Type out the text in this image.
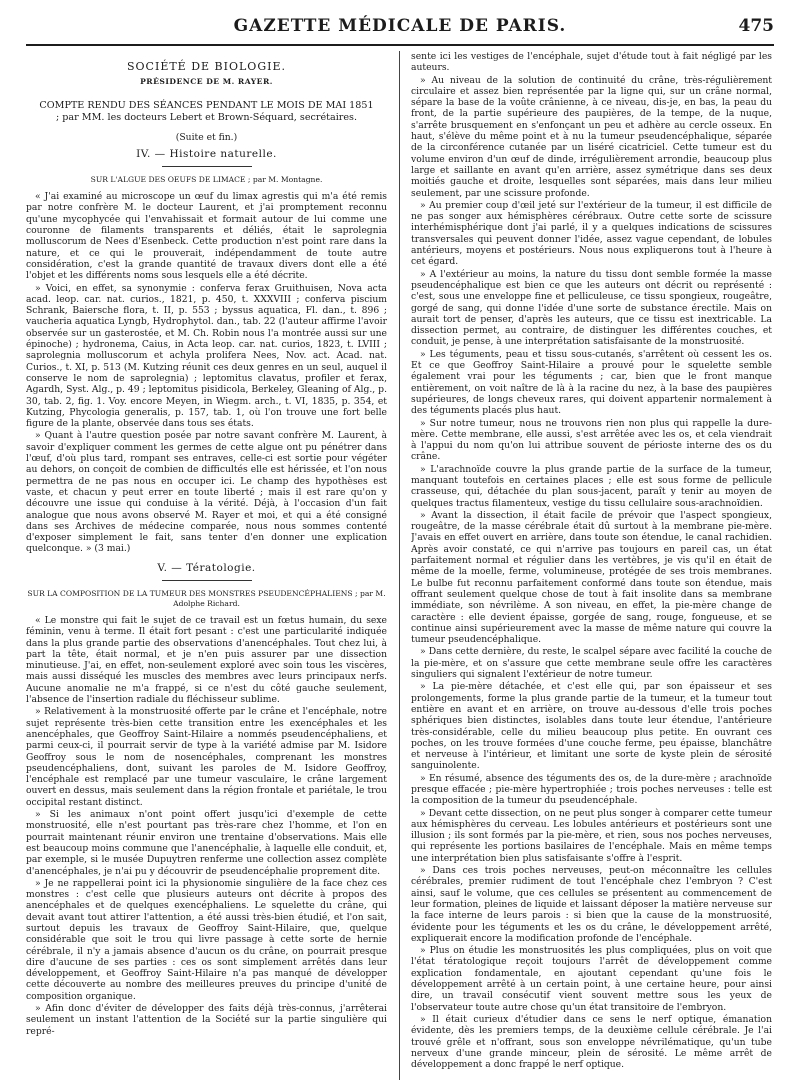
GAZETTE MÉDICALE DE PARIS.	475
SOCIÉTÉ DE BIOLOGIE.
PRÉSIDENCE DE M. RAYER.
COMPTE RENDU DES SÉANCES PENDANT LE MOIS DE MAI 1851 ; par MM. les docteurs Lebert et Brown-Séquard, secrétaires.
(Suite et fin.)
IV. — Histoire naturelle.
SUR L'ALGUE DES OEUFS DE LIMACE ; par M. Montagne.

« J'ai examiné au microscope un œuf du limax agrestis qui m'a été remis par notre confrère M. le docteur Laurent, et j'ai promptement reconnu qu'une mycophycée qui l'envahissait et formait autour de lui comme une couronne de filaments transparents et déliés, était le saprolegnia molluscorum de Nees d'Esenbeck. Cette production n'est point rare dans la nature, et ce qui le prouverait, indépendamment de toute autre considération, c'est la grande quantité de travaux divers dont elle a été l'objet et les différents noms sous lesquels elle a été décrite.

» Voici, en effet, sa synonymie : conferva ferax Gruithuisen, Nova acta acad. leop. car. nat. curios., 1821, p. 450, t. XXXVIII ; conferva piscium Schrank, Baiersche flora, t. II, p. 553 ; byssus aquatica, Fl. dan., t. 896 ; vaucheria aquatica Lyngb, Hydrophytol. dan., tab. 22 (l'auteur affirme l'avoir observée sur un gasterostée, et M. Ch. Robin nous l'a montrée aussi sur une épinoche) ; hydronema, Caius, in Acta leop. car. nat. curios, 1823, t. LVIII ; saprolegnia molluscorum et achyla prolifera Nees, Nov. act. Acad. nat. Curios., t. XI, p. 513 (M. Kutzing réunit ces deux genres en un seul, auquel il conserve le nom de saprolegnia) ; leptomitus clavatus, profiler et ferax, Agardh, Syst. Alg., p. 49 ; leptomitus pisidicola, Berkeley, Gleaning of Alg., p. 30, tab. 2, fig. 1. Voy. encore Meyen, in Wiegm. arch., t. VI, 1835, p. 354, et Kutzing, Phycologia generalis, p. 157, tab. 1, où l'on trouve une fort belle figure de la plante, observée dans tous ses états.

» Quant à l'autre question posée par notre savant confrère M. Laurent, à savoir d'expliquer comment les germes de cette algue ont pu pénétrer dans l'œuf, d'où plus tard, rompant ses entraves, celle-ci est sortie pour végéter au dehors, on conçoit de combien de difficultés elle est hérissée, et l'on nous permettra de ne pas nous en occuper ici. Le champ des hypothèses est vaste, et chacun y peut errer en toute liberté ; mais il est rare qu'on y découvre une issue qui conduise à la vérité. Déjà, à l'occasion d'un fait analogue que nous avons observé M. Rayer et moi, et qui a été consigné dans ses Archives de médecine comparée, nous nous sommes contenté d'exposer simplement le fait, sans tenter d'en donner une explication quelconque. » (3 mai.)

V. — Tératologie.
SUR LA COMPOSITION DE LA TUMEUR DES MONSTRES PSEUDENCÉPHALIENS ; par M. Adolphe Richard.

« Le monstre qui fait le sujet de ce travail est un fœtus humain, du sexe féminin, venu à terme. Il était fort pesant : c'est une particularité indiquée dans la plus grande partie des observations d'anencéphales. Tout chez lui, à part la tête, était normal, et je n'en puis assurer par une dissection minutieuse. J'ai, en effet, non-seulement exploré avec soin tous les viscères, mais aussi disséqué les muscles des membres avec leurs principaux nerfs. Aucune anomalie ne m'a frappé, si ce n'est du côté gauche seulement, l'absence de l'insertion radiale du fléchisseur sublime.

» Relativement à la monstruosité offerte par le crâne et l'encéphale, notre sujet représente très-bien cette transition entre les exencéphales et les anencéphales, que Geoffroy Saint-Hilaire a nommés pseudencéphaliens, et parmi ceux-ci, il pourrait servir de type à la variété admise par M. Isidore Geoffroy sous le nom de nosencéphales, comprenant les monstres pseudencéphaliens, dont, suivant les paroles de M. Isidore Geoffroy, l'encéphale est remplacé par une tumeur vasculaire, le crâne largement ouvert en dessus, mais seulement dans la région frontale et pariétale, le trou occipital restant distinct.

» Si les animaux n'ont point offert jusqu'ici d'exemple de cette monstruosité, elle n'est pourtant pas très-rare chez l'homme, et l'on en pourrait maintenant réunir environ une trentaine d'observations. Mais elle est beaucoup moins commune que l'anencéphalie, à laquelle elle conduit, et, par exemple, si le musée Dupuytren renferme une collection assez complète d'anencéphales, je n'ai pu y découvrir de pseudencéphalie proprement dite.

» Je ne rappellerai point ici la physionomie singulière de la face chez ces monstres : c'est celle que plusieurs auteurs ont décrite à propos des anencéphales et de quelques exencéphaliens. Le squelette du crâne, qui devait avant tout attirer l'attention, a été aussi très-bien étudié, et l'on sait, surtout depuis les travaux de Geoffroy Saint-Hilaire, que, quelque considérable que soit le trou qui livre passage à cette sorte de hernie cérébrale, il n'y a jamais absence d'aucun os du crâne, on pourrait presque dire d'aucune de ses parties : ces os sont simplement arrêtés dans leur développement, et Geoffroy Saint-Hilaire n'a pas manqué de développer cette découverte au nombre des meilleures preuves du principe d'unité de composition organique.

» Afin donc d'éviter de développer des faits déjà très-connus, j'arrêterai seulement un instant l'attention de la Société sur la partie singulière qui repré-

sente ici les vestiges de l'encéphale, sujet d'étude tout à fait négligé par les auteurs.

» Au niveau de la solution de continuité du crâne, très-régulièrement circulaire et assez bien représentée par la ligne qui, sur un crâne normal, sépare la base de la voûte crânienne, à ce niveau, dis-je, en bas, la peau du front, de la partie supérieure des paupières, de la tempe, de la nuque, s'arrête brusquement en s'enfonçant un peu et adhère au cercle osseux. En haut, s'élève du même point et à nu la tumeur pseudencéphalique, séparée de la circonférence cutanée par un liséré cicatriciel. Cette tumeur est du volume environ d'un œuf de dinde, irrégulièrement arrondie, beaucoup plus large et saillante en avant qu'en arrière, assez symétrique dans ses deux moitiés gauche et droite, lesquelles sont séparées, mais dans leur milieu seulement, par une scissure profonde.

» Au premier coup d'œil jeté sur l'extérieur de la tumeur, il est difficile de ne pas songer aux hémisphères cérébraux. Outre cette sorte de scissure interhémisphérique dont j'ai parlé, il y a quelques indications de scissures transversales qui peuvent donner l'idée, assez vague cependant, de lobules antérieurs, moyens et postérieurs. Nous nous expliquerons tout à l'heure à cet égard.

» A l'extérieur au moins, la nature du tissu dont semble formée la masse pseudencéphalique est bien ce que les auteurs ont décrit ou représenté : c'est, sous une enveloppe fine et pelliculeuse, ce tissu spongieux, rougeâtre, gorgé de sang, qui donne l'idée d'une sorte de substance érectile. Mais on aurait tort de penser, d'après les auteurs, que ce tissu est inextricable. La dissection permet, au contraire, de distinguer les différentes couches, et conduit, je pense, à une interprétation satisfaisante de la monstruosité.

» Les téguments, peau et tissu sous-cutanés, s'arrêtent où cessent les os. Et ce que Geoffroy Saint-Hilaire a prouvé pour le squelette semble également vrai pour les téguments ; car, bien que le front manque entièrement, on voit naître de là à la racine du nez, à la base des paupières supérieures, de longs cheveux rares, qui doivent appartenir normalement à des téguments placés plus haut.

» Sur notre tumeur, nous ne trouvons rien non plus qui rappelle la dure-mère. Cette membrane, elle aussi, s'est arrêtée avec les os, et cela viendrait à l'appui du nom qu'on lui attribue souvent de périoste interne des os du crâne.

» L'arachnoïde couvre la plus grande partie de la surface de la tumeur, manquant toutefois en certaines places ; elle est sous forme de pellicule crasseuse, qui, détachée du plan sous-jacent, paraît y tenir au moyen de quelques tractus filamenteux, vestige du tissu cellulaire sous-arachnoïdien.

» Avant la dissection, il était facile de prévoir que l'aspect spongieux, rougeâtre, de la masse cérébrale était dû surtout à la membrane pie-mère. J'avais en effet ouvert en arrière, dans toute son étendue, le canal rachidien. Après avoir constaté, ce qui n'arrive pas toujours en pareil cas, un état parfaitement normal et régulier dans les vertèbres, je vis qu'il en était de même de la moelle, ferme, volumineuse, protégée de ses trois membranes. Le bulbe fut reconnu parfaitement conformé dans toute son étendue, mais offrant seulement quelque chose de tout à fait insolite dans sa membrane immédiate, son névrilème. A son niveau, en effet, la pie-mère change de caractère : elle devient épaisse, gorgée de sang, rouge, fongueuse, et se continue ainsi supérieurement avec la masse de même nature qui couvre la tumeur pseudencéphalique.

» Dans cette dernière, du reste, le scalpel sépare avec facilité la couche de la pie-mère, et on s'assure que cette membrane seule offre les caractères singuliers qui signalent l'extérieur de notre tumeur.

» La pie-mère détachée, et c'est elle qui, par son épaisseur et ses prolongements, forme la plus grande partie de la tumeur, et la tumeur tout entière en avant et en arrière, on trouve au-dessous d'elle trois poches sphériques bien distinctes, isolables dans toute leur étendue, l'antérieure très-considérable, celle du milieu beaucoup plus petite. En ouvrant ces poches, on les trouve formées d'une couche ferme, peu épaisse, blanchâtre et nerveuse à l'intérieur, et limitant une sorte de kyste plein de sérosité sanguinolente.

» En résumé, absence des téguments des os, de la dure-mère ; arachnoïde presque effacée ; pie-mère hypertrophiée ; trois poches nerveuses : telle est la composition de la tumeur du pseudencéphale.

» Devant cette dissection, on ne peut plus songer à comparer cette tumeur aux hémisphères du cerveau. Les lobules antérieurs et postérieurs sont une illusion ; ils sont formés par la pie-mère, et rien, sous nos poches nerveuses, qui représente les portions basilaires de l'encéphale. Mais en même temps une interprétation bien plus satisfaisante s'offre à l'esprit.

» Dans ces trois poches nerveuses, peut-on méconnaître les cellules cérébrales, premier rudiment de tout l'encéphale chez l'embryon ? C'est ainsi, sauf le volume, que ces cellules se présentent au commencement de leur formation, pleines de liquide et laissant déposer la matière nerveuse sur la face interne de leurs parois : si bien que la cause de la monstruosité, évidente pour les téguments et les os du crâne, le développement arrêté, expliquerait encore la modification profonde de l'encéphale.

» Plus on étudie les monstruosités les plus compliquées, plus on voit que l'état tératologique reçoit toujours l'arrêt de développement comme explication fondamentale, en ajoutant cependant qu'une fois le développement arrêté à un certain point, à une certaine heure, pour ainsi dire, un travail consécutif vient souvent mettre sous les yeux de l'observateur toute autre chose qu'un état transitoire de l'embryon.

» Il était curieux d'étudier dans ce sens le nerf optique, émanation évidente, dès les premiers temps, de la deuxième cellule cérébrale. Je l'ai trouvé grêle et n'offrant, sous son enveloppe névrilématique, qu'un tube nerveux d'une grande minceur, plein de sérosité. Le même arrêt de développement a donc frappé le nerf optique.
